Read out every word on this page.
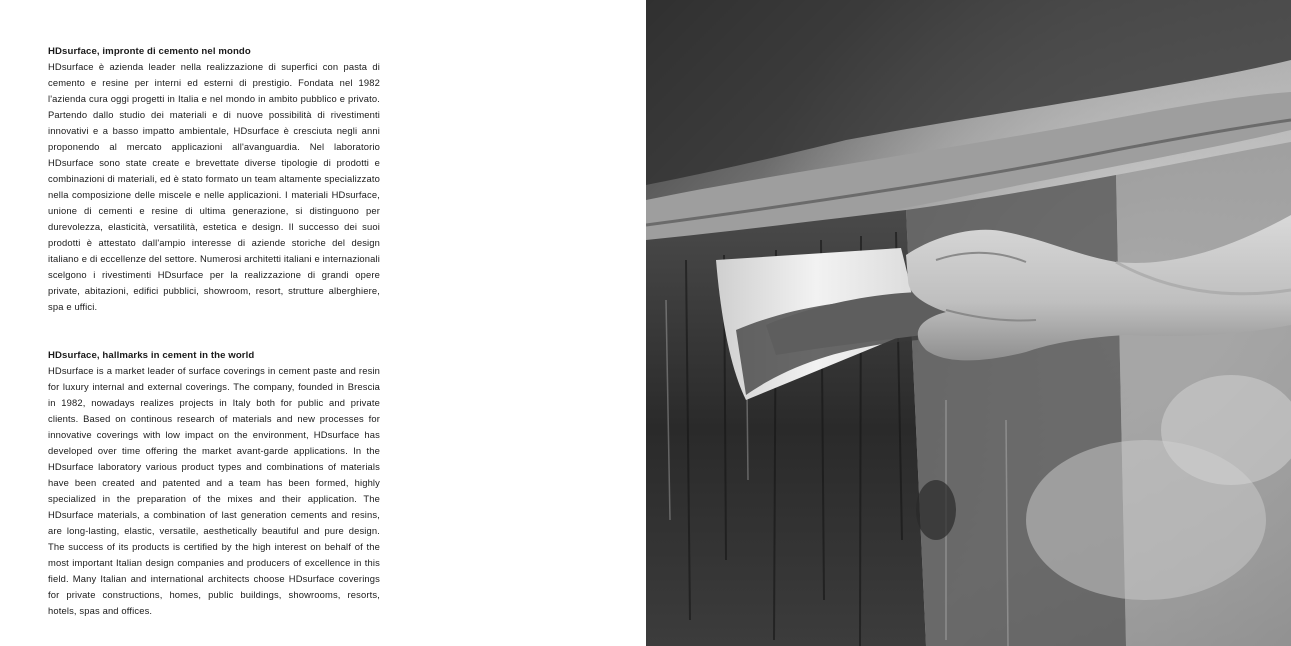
HDsurface, impronte di cemento nel mondo

HDsurface è azienda leader nella realizzazione di superfici con pasta di cemento e resine per interni ed esterni di prestigio. Fondata nel 1982 l'azienda cura oggi progetti in Italia e nel mondo in ambito pubblico e privato. Partendo dallo studio dei materiali e di nuove possibilità di rivestimenti innovativi e a basso impatto ambientale, HDsurface è cresciuta negli anni proponendo al mercato applicazioni all'avanguardia. Nel laboratorio HDsurface sono state create e brevettate diverse tipologie di prodotti e combinazioni di materiali, ed è stato formato un team altamente specializzato nella composizione delle miscele e nelle applicazioni. I materiali HDsurface, unione di cementi e resine di ultima generazione, si distinguono per durevolezza, elasticità, versatilità, estetica e design. Il successo dei suoi prodotti è attestato dall'ampio interesse di aziende storiche del design italiano e di eccellenze del settore. Numerosi architetti italiani e internazionali scelgono i rivestimenti HDsurface per la realizzazione di grandi opere private, abitazioni, edifici pubblici, showroom, resort, strutture alberghiere, spa e uffici.

HDsurface, hallmarks in cement in the world

HDsurface is a market leader of surface coverings in cement paste and resin for luxury internal and external coverings. The company, founded in Brescia in 1982, nowadays realizes projects in Italy both for public and private clients. Based on continous research of materials and new processes for innovative coverings with low impact on the environment, HDsurface has developed over time offering the market avant-garde applications. In the HDsurface laboratory various product types and combinations of materials have been created and patented and a team has been formed, highly specialized in the preparation of the mixes and their application. The HDsurface materials, a combination of last generation cements and resins, are long-lasting, elastic, versatile, aesthetically beautiful and pure design. The success of its products is certified by the high interest on behalf of the most important Italian design companies and producers of excellence in this field. Many Italian and international architects choose HDsurface coverings for private constructions, homes, public buildings, showrooms, resorts, hotels, spas and offices.
